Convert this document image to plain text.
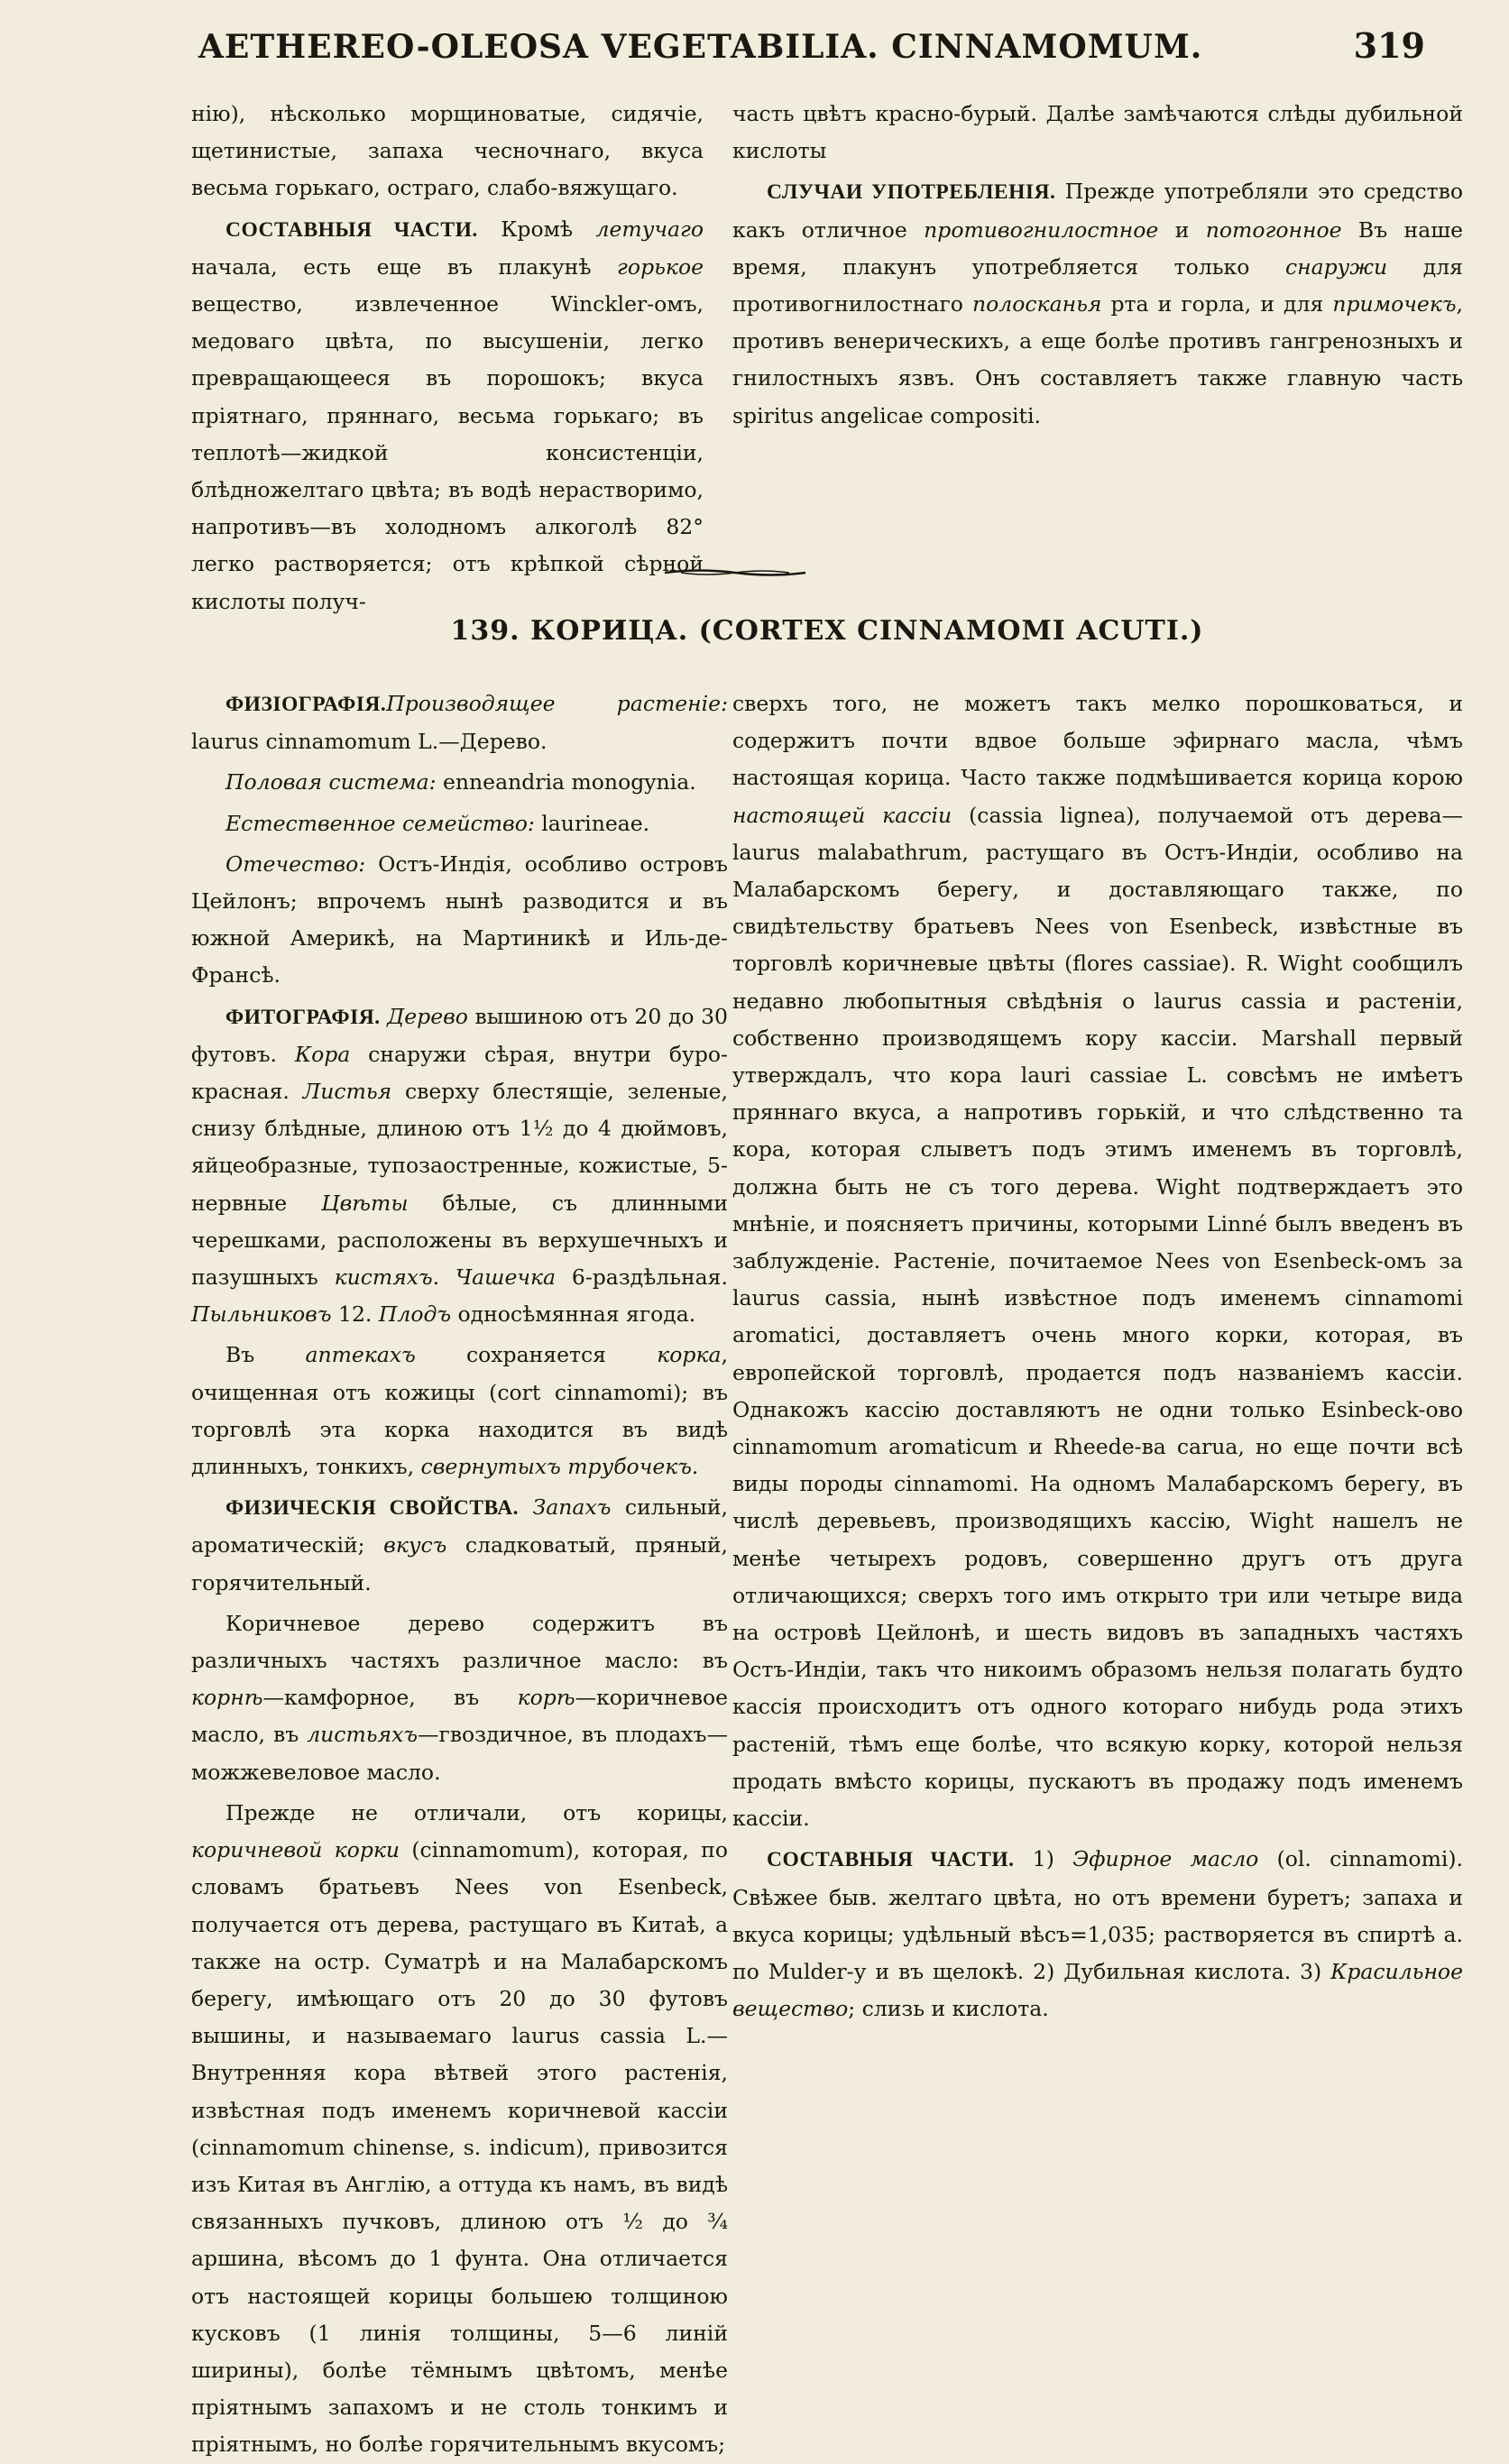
AETHEREO-OLEOSA VEGETABILIA. CINNAMOMUM.	319

нію), нѣсколько морщиноватые, сидячіе, щетинистые, запаха чесночнаго, вкуса весьма горькаго, остраго, слабо-вяжущаго.

СОСТАВНЫЯ ЧАСТИ. Кромѣ летучаго начала, есть еще въ плакунѣ горькое вещество, извлеченное Winckler-омъ, медоваго цвѣта, по высушеніи, легко превращающееся въ порошокъ; вкуса пріятнаго, пряннаго, весьма горькаго; въ теплотѣ—жидкой консистенціи, блѣдножелтаго цвѣта; въ водѣ нерастворимо, напротивъ—въ холодномъ алкоголѣ 82° легко растворяется; отъ крѣпкой сѣрной кислоты получ-

часть цвѣтъ красно-бурый. Далѣе замѣчаются слѣды дубильной кислоты

СЛУЧАИ УПОТРЕБЛЕНІЯ. Прежде употребляли это средство какъ отличное противогнилостное и потогонное Въ наше время, плакунъ употребляется только снаружи для противогнилостнаго полосканья рта и горла, и для примочекъ, противъ венерическихъ, а еще болѣе противъ гангренозныхъ и гнилостныхъ язвъ. Онъ составляетъ также главную часть spiritus angelicae compositi.

139. КОРИЦА. (CORTEX CINNAMOMI ACUTI.)

ФИЗІОГРАФІЯ.Производящее растеніе: laurus cinnamomum L.—Дерево.

Половая система: enneandria monogynia.

Естественное семейство: laurineae.

Отечество: Остъ-Индія, особливо островъ Цейлонъ; впрочемъ нынѣ разводится и въ южной Америкѣ, на Мартиникѣ и Иль-де-Франсѣ.

ФИТОГРАФІЯ. Дерево вышиною отъ 20 до 30 футовъ. Кора снаружи сѣрая, внутри буро-красная. Листья сверху блестящіе, зеленые, снизу блѣдные, длиною отъ 1½ до 4 дюймовъ, яйцеобразные, тупозаостренные, кожистые, 5-нервные Цвѣты бѣлые, съ длинными черешками, расположены въ верхушечныхъ и пазушныхъ кистяхъ. Чашечка 6-раздѣльная. Пыльниковъ 12. Плодъ односѣмянная ягода.

Въ аптекахъ сохраняется корка, очищенная отъ кожицы (cort cinnamomi); въ торговлѣ эта корка находится въ видѣ длинныхъ, тонкихъ, свернутыхъ трубочекъ.

ФИЗИЧЕСКІЯ СВОЙСТВА. Запахъ сильный, ароматическій; вкусъ сладковатый, пряный, горячительный.

Коричневое дерево содержитъ въ различныхъ частяхъ различное масло: въ корнѣ—камфорное, въ корѣ—коричневое масло, въ листьяхъ—гвоздичное, въ плодахъ—можжевеловое масло.

Прежде не отличали, отъ корицы, коричневой корки (cinnamomum), которая, по словамъ братьевъ Nees von Esenbeck, получается отъ дерева, растущаго въ Китаѣ, а также на остр. Суматрѣ и на Малабарскомъ берегу, имѣющаго отъ 20 до 30 футовъ вышины, и называемаго laurus cassia L.—Внутренняя кора вѣтвей этого растенія, извѣстная подъ именемъ коричневой кассіи (cinnamomum chinense, s. indicum), привозится изъ Китая въ Англію, а оттуда къ намъ, въ видѣ связанныхъ пучковъ, длиною отъ ½ до ¾ аршина, вѣсомъ до 1 фунта. Она отличается отъ настоящей корицы большею толщиною кусковъ (1 линія толщины, 5—6 линій ширины), болѣе тёмнымъ цвѣтомъ, менѣе пріятнымъ запахомъ и не столь тонкимъ и пріятнымъ, но болѣе горячительнымъ вкусомъ;

сверхъ того, не можетъ такъ мелко порошковаться, и содержитъ почти вдвое больше эфирнаго масла, чѣмъ настоящая корица. Часто также подмѣшивается корица корою настоящей кассіи (cassia lignea), получаемой отъ дерева—laurus malabathrum, растущаго въ Остъ-Индіи, особливо на Малабарскомъ берегу, и доставляющаго также, по свидѣтельству братьевъ Nees von Esenbeck, извѣстные въ торговлѣ коричневые цвѣты (flores cassiae). R. Wight сообщилъ недавно любопытныя свѣдѣнія о laurus cassia и растеніи, собственно производящемъ кору кассіи. Marshall первый утверждалъ, что кора lauri cassiae L. совсѣмъ не имѣетъ пряннаго вкуса, а напротивъ горькій, и что слѣдственно та кора, которая слыветъ подъ этимъ именемъ въ торговлѣ, должна быть не съ того дерева. Wight подтверждаетъ это мнѣніе, и поясняетъ причины, которыми Linné былъ введенъ въ заблужденіе. Растеніе, почитаемое Nees von Esenbeck-омъ за laurus cassia, нынѣ извѣстное подъ именемъ cinnamomi aromatici, доставляетъ очень много корки, которая, въ европейской торговлѣ, продается подъ названіемъ кассіи. Однакожъ кассію доставляютъ не одни только Esinbeck-ово cinnamomum aromaticum и Rheede-ва carua, но еще почти всѣ виды породы cinnamomi. На одномъ Малабарскомъ берегу, въ числѣ деревьевъ, производящихъ кассію, Wight нашелъ не менѣе четырехъ родовъ, совершенно другъ отъ друга отличающихся; сверхъ того имъ открыто три или четыре вида на островѣ Цейлонѣ, и шесть видовъ въ западныхъ частяхъ Остъ-Индіи, такъ что никоимъ образомъ нельзя полагать будто кассія происходитъ отъ одного котораго нибудь рода этихъ растеній, тѣмъ еще болѣе, что всякую корку, которой нельзя продать вмѣсто корицы, пускаютъ въ продажу подъ именемъ кассіи.

СОСТАВНЫЯ ЧАСТИ. 1) Эфирное масло (ol. cinnamomi). Свѣжее быв. желтаго цвѣта, но отъ времени буретъ; запаха и вкуса корицы; удѣльный вѣсъ=1,035; растворяется въ спиртѣ а. по Mulder-у и въ щелокѣ. 2) Дубильная кислота. 3) Красильное вещество; слизь и кислота.
